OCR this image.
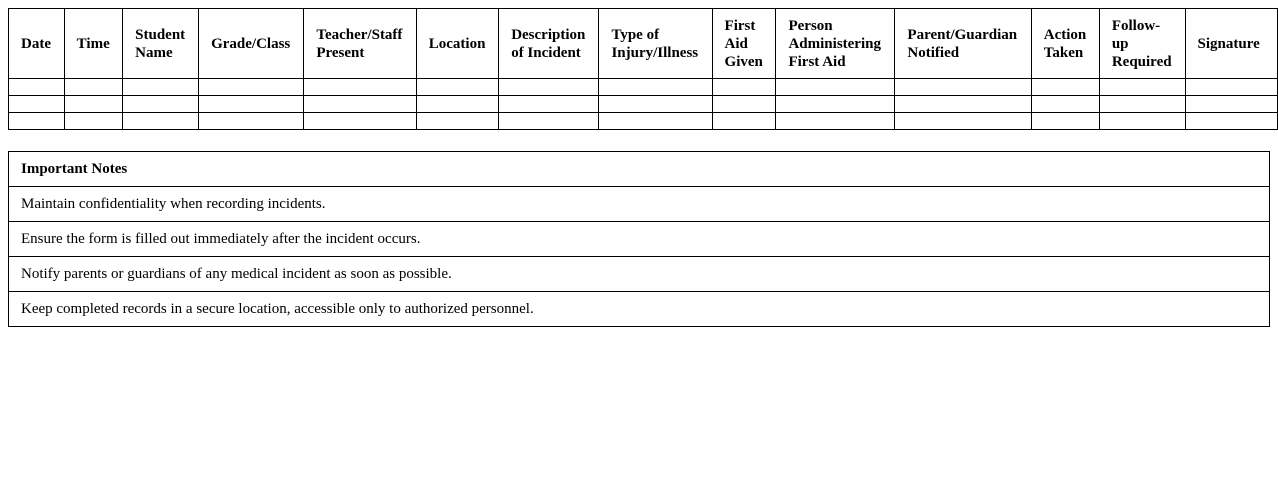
Date	Time	Student Name	Grade/Class	Teacher/Staff Present	Location	Description of Incident	Type of Injury/Illness	First Aid Given	Person Administering First Aid	Parent/Guardian Notified	Action Taken	Follow-up Required	Signature

Important Notes
Maintain confidentiality when recording incidents.
Ensure the form is filled out immediately after the incident occurs.
Notify parents or guardians of any medical incident as soon as possible.
Keep completed records in a secure location, accessible only to authorized personnel.
